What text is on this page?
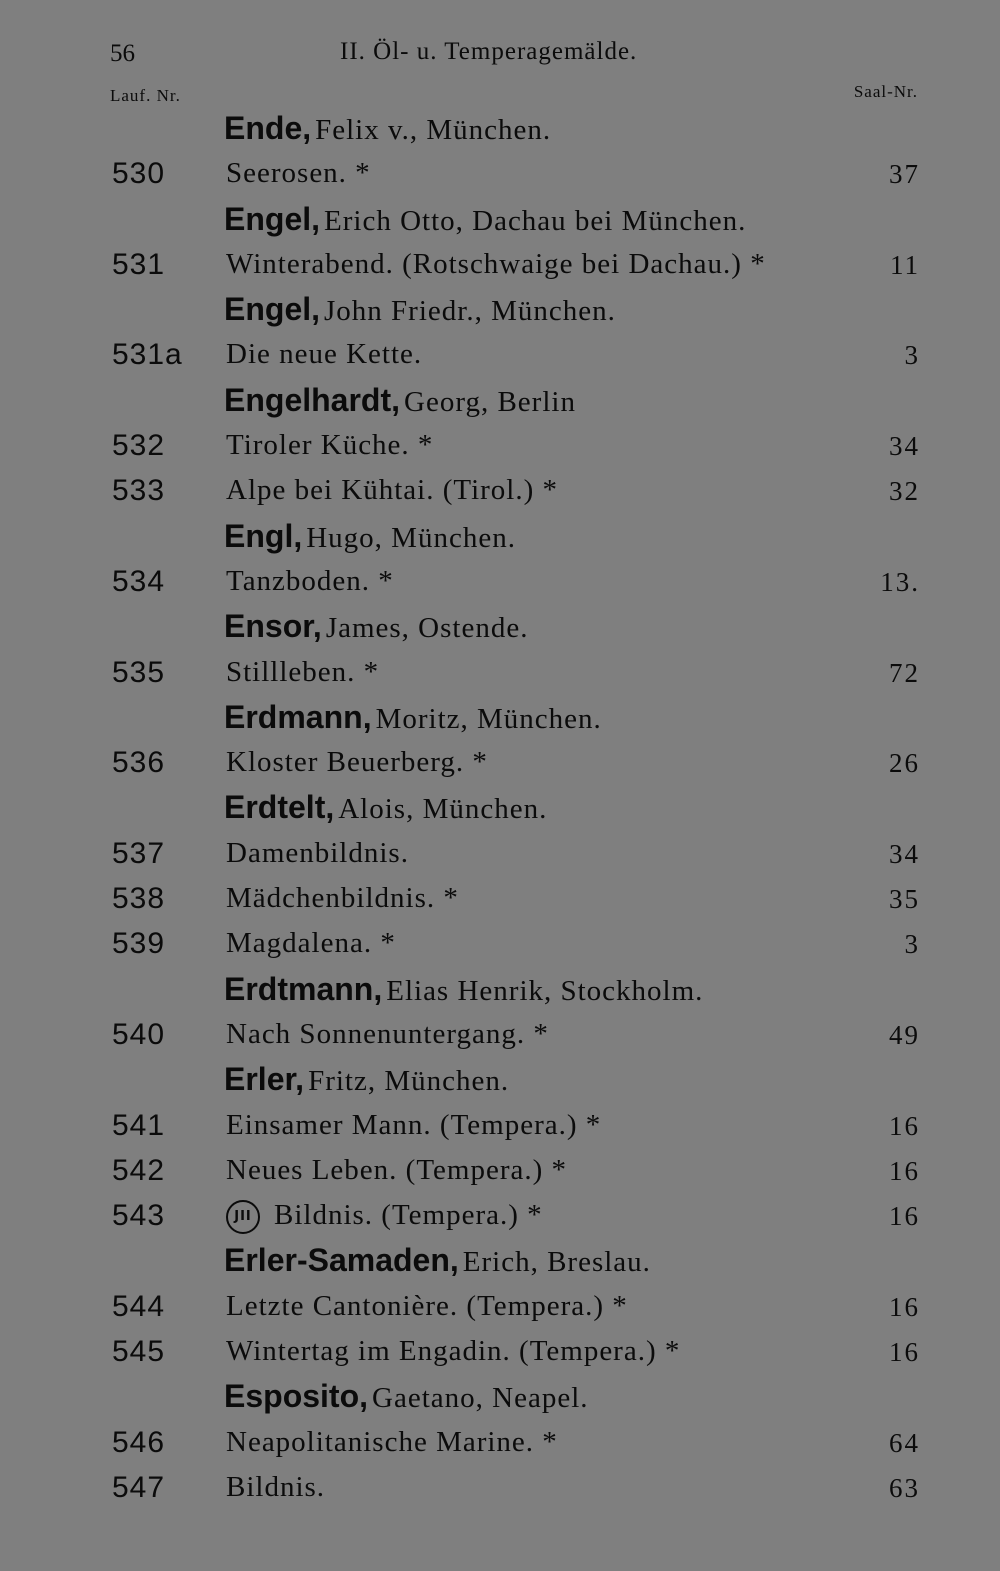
56	II. Öl- u. Temperagemälde.
Lauf. Nr.	Saal-Nr.
Ende, Felix v., München.
530	Seerosen. *	37
Engel, Erich Otto, Dachau bei München.
531	Winterabend. (Rotschwaige bei Dachau.) *	11
Engel, John Friedr., München.
531a	Die neue Kette.	3
Engelhardt, Georg, Berlin
532	Tiroler Küche. *	34
533	Alpe bei Kühtai. (Tirol.) *	32
Engl, Hugo, München.
534	Tanzboden. *	13.
Ensor, James, Ostende.
535	Stillleben. *	72
Erdmann, Moritz, München.
536	Kloster Beuerberg. *	26
Erdtelt, Alois, München.
537	Damenbildnis.	34
538	Mädchenbildnis. *	35
539	Magdalena. *	3
Erdtmann, Elias Henrik, Stockholm.
540	Nach Sonnenuntergang. *	49
Erler, Fritz, München.
541	Einsamer Mann. (Tempera.) *	16
542	Neues Leben. (Tempera.) *	16
543	JII Bildnis. (Tempera.) *	16
Erler-Samaden, Erich, Breslau.
544	Letzte Cantonière. (Tempera.) *	16
545	Wintertag im Engadin. (Tempera.) *	16
Esposito, Gaetano, Neapel.
546	Neapolitanische Marine. *	64
547	Bildnis.	63
